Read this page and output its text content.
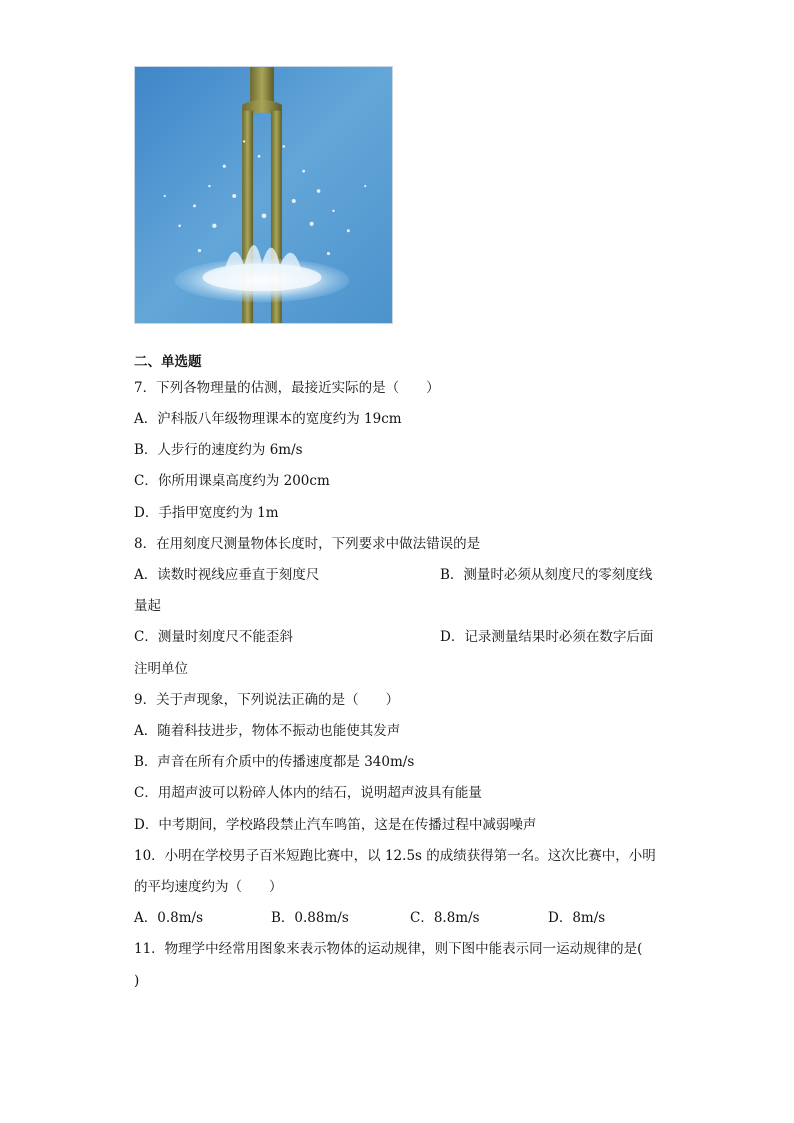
二、单选题
7．下列各物理量的估测，最接近实际的是（　　）
A．沪科版八年级物理课本的宽度约为 19cm
B．人步行的速度约为 6m/s
C．你所用课桌高度约为 200cm
D．手指甲宽度约为 1m
8．在用刻度尺测量物体长度时，下列要求中做法错误的是
A．读数时视线应垂直于刻度尺	B．测量时必须从刻度尺的零刻度线
量起
C．测量时刻度尺不能歪斜	D．记录测量结果时必须在数字后面
注明单位
9．关于声现象，下列说法正确的是（　　）
A．随着科技进步，物体不振动也能使其发声
B．声音在所有介质中的传播速度都是 340m/s
C．用超声波可以粉碎人体内的结石，说明超声波具有能量
D．中考期间，学校路段禁止汽车鸣笛，这是在传播过程中减弱噪声
10．小明在学校男子百米短跑比赛中，以 12.5s 的成绩获得第一名。这次比赛中，小明
的平均速度约为（　　）
A．0.8m/s	B．0.88m/s	C．8.8m/s	D．8m/s
11．物理学中经常用图象来表示物体的运动规律，则下图中能表示同一运动规律的是(
)
